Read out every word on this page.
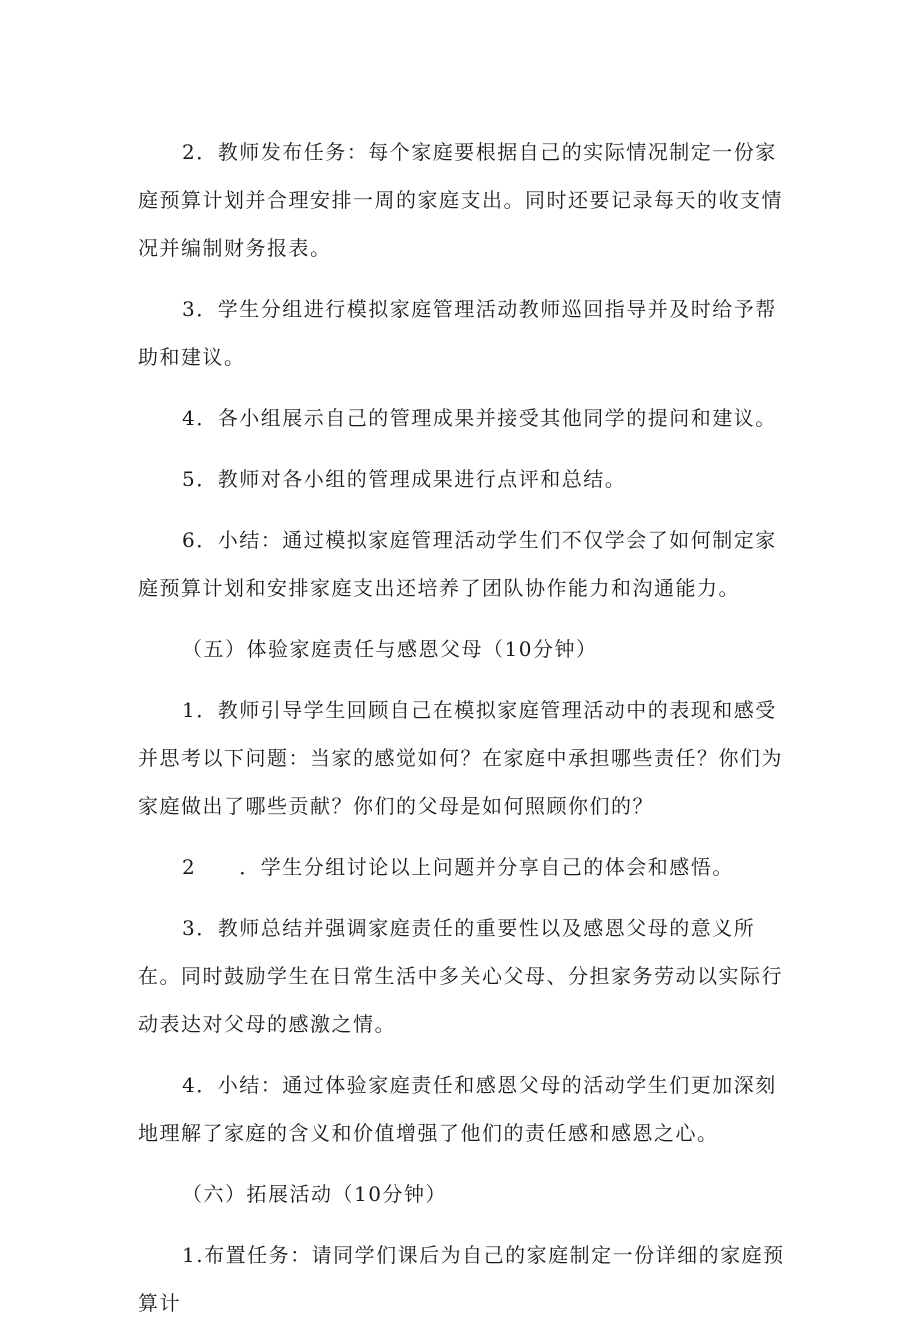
2．教师发布任务：每个家庭要根据自己的实际情况制定一份家庭预算计划并合理安排一周的家庭支出。同时还要记录每天的收支情况并编制财务报表。

3．学生分组进行模拟家庭管理活动教师巡回指导并及时给予帮助和建议。

4．各小组展示自己的管理成果并接受其他同学的提问和建议。

5．教师对各小组的管理成果进行点评和总结。

6．小结：通过模拟家庭管理活动学生们不仅学会了如何制定家庭预算计划和安排家庭支出还培养了团队协作能力和沟通能力。

（五）体验家庭责任与感恩父母（10分钟）

1．教师引导学生回顾自己在模拟家庭管理活动中的表现和感受并思考以下问题：当家的感觉如何？在家庭中承担哪些责任？你们为家庭做出了哪些贡献？你们的父母是如何照顾你们的？

2　　．学生分组讨论以上问题并分享自己的体会和感悟。

3．教师总结并强调家庭责任的重要性以及感恩父母的意义所在。同时鼓励学生在日常生活中多关心父母、分担家务劳动以实际行动表达对父母的感激之情。

4．小结：通过体验家庭责任和感恩父母的活动学生们更加深刻地理解了家庭的含义和价值增强了他们的责任感和感恩之心。

（六）拓展活动（10分钟）

1.布置任务：请同学们课后为自己的家庭制定一份详细的家庭预算计
